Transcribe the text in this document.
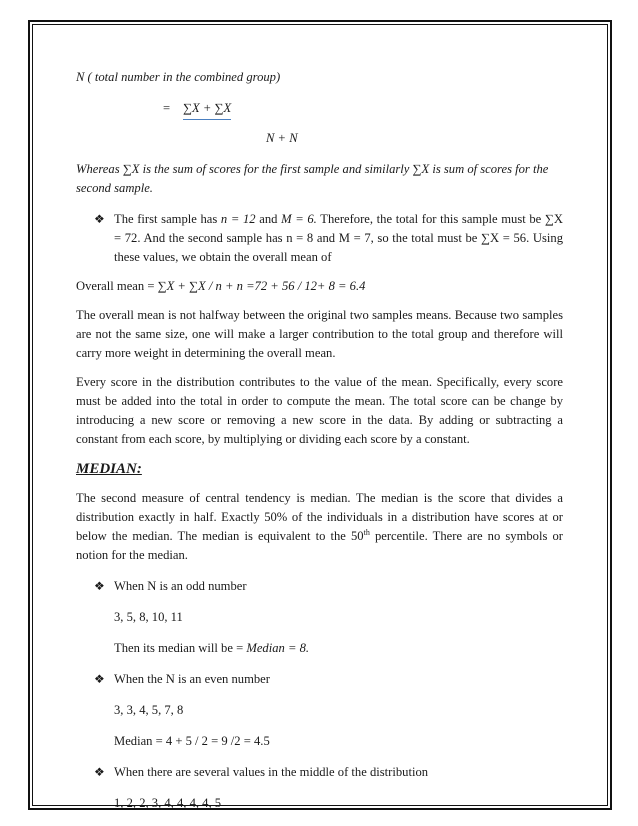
N ( total number in the combined group)

= ∑X + ∑X
N + N

Whereas ∑X is the sum of scores for the first sample and similarly ∑X is sum of scores for the second sample.

❖ The first sample has n = 12 and M = 6. Therefore, the total for this sample must be ∑X = 72. And the second sample has n = 8 and M = 7, so the total must be ∑X = 56. Using these values, we obtain the overall mean of

Overall mean = ∑X + ∑X / n + n =72 + 56 / 12+ 8 = 6.4

The overall mean is not halfway between the original two samples means. Because two samples are not the same size, one will make a larger contribution to the total group and therefore will carry more weight in determining the overall mean.

Every score in the distribution contributes to the value of the mean. Specifically, every score must be added into the total in order to compute the mean. The total score can be change by introducing a new score or removing a new score in the data. By adding or subtracting a constant from each score, by multiplying or dividing each score by a constant.

MEDIAN:

The second measure of central tendency is median. The median is the score that divides a distribution exactly in half. Exactly 50% of the individuals in a distribution have scores at or below the median. The median is equivalent to the 50th percentile. There are no symbols or notion for the median.

❖ When N is an odd number

3, 5, 8, 10, 11

Then its median will be = Median = 8.

❖ When the N is an even number

3, 3, 4, 5, 7, 8

Median = 4 + 5 / 2 = 9 /2 = 4.5

❖ When there are several values in the middle of the distribution

1, 2, 2, 3, 4, 4, 4, 4, 5
